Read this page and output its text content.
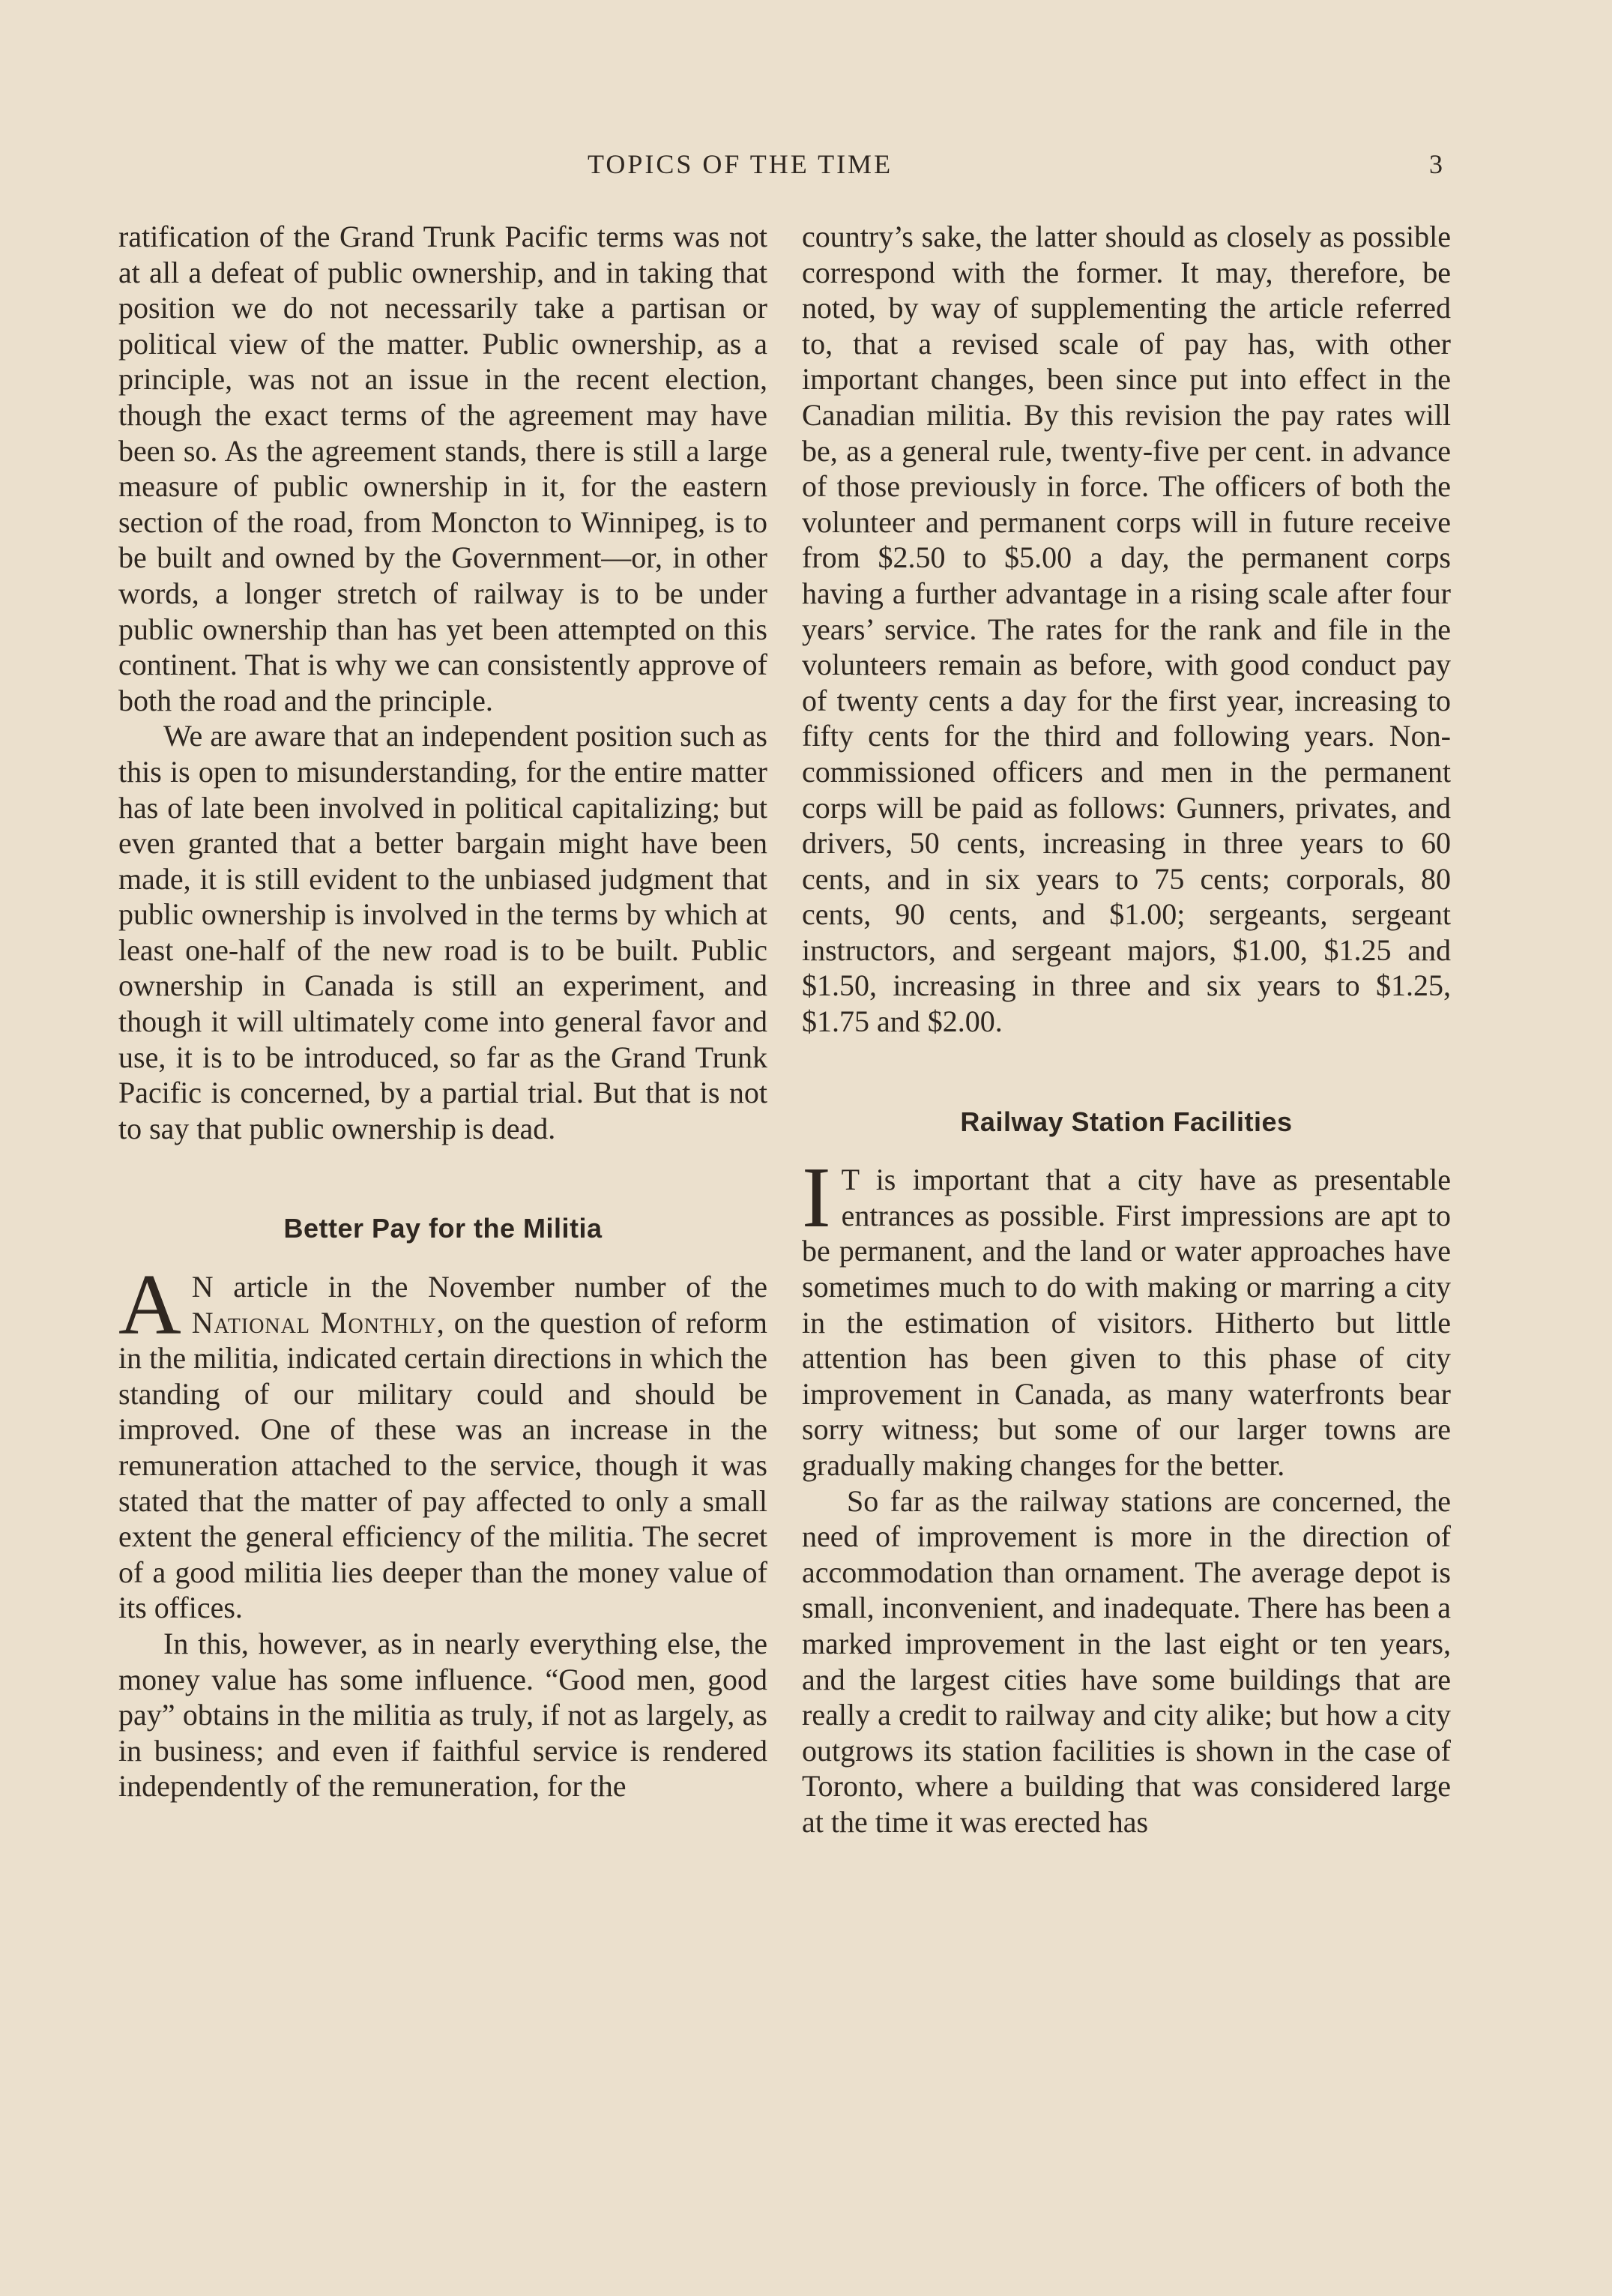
TOPICS OF THE TIME	3

ratification of the Grand Trunk Pacific terms was not at all a defeat of public ownership, and in taking that position we do not necessarily take a partisan or political view of the matter. Public ownership, as a principle, was not an issue in the recent election, though the exact terms of the agreement may have been so. As the agreement stands, there is still a large measure of public ownership in it, for the eastern section of the road, from Moncton to Winnipeg, is to be built and owned by the Government—or, in other words, a longer stretch of railway is to be under public ownership than has yet been attempted on this continent. That is why we can consistently approve of both the road and the principle.

We are aware that an independent position such as this is open to misunderstanding, for the entire matter has of late been involved in political capitalizing; but even granted that a better bargain might have been made, it is still evident to the unbiased judgment that public ownership is involved in the terms by which at least one-half of the new road is to be built. Public ownership in Canada is still an experiment, and though it will ultimately come into general favor and use, it is to be introduced, so far as the Grand Trunk Pacific is concerned, by a partial trial. But that is not to say that public ownership is dead.

Better Pay for the Militia

AN article in the November number of the National Monthly, on the question of reform in the militia, indicated certain directions in which the standing of our military could and should be improved. One of these was an increase in the remuneration attached to the service, though it was stated that the matter of pay affected to only a small extent the general efficiency of the militia. The secret of a good militia lies deeper than the money value of its offices.

In this, however, as in nearly everything else, the money value has some influence. “Good men, good pay” obtains in the militia as truly, if not as largely, as in business; and even if faithful service is rendered independently of the remuneration, for the

country’s sake, the latter should as closely as possible correspond with the former. It may, therefore, be noted, by way of supplementing the article referred to, that a revised scale of pay has, with other important changes, been since put into effect in the Canadian militia. By this revision the pay rates will be, as a general rule, twenty-five per cent. in advance of those previously in force. The officers of both the volunteer and permanent corps will in future receive from $2.50 to $5.00 a day, the permanent corps having a further advantage in a rising scale after four years’ service. The rates for the rank and file in the volunteers remain as before, with good conduct pay of twenty cents a day for the first year, increasing to fifty cents for the third and following years. Non-commissioned officers and men in the permanent corps will be paid as follows: Gunners, privates, and drivers, 50 cents, increasing in three years to 60 cents, and in six years to 75 cents; corporals, 80 cents, 90 cents, and $1.00; sergeants, sergeant instructors, and sergeant majors, $1.00, $1.25 and $1.50, increasing in three and six years to $1.25, $1.75 and $2.00.

Railway Station Facilities

IT is important that a city have as presentable entrances as possible. First impressions are apt to be permanent, and the land or water approaches have sometimes much to do with making or marring a city in the estimation of visitors. Hitherto but little attention has been given to this phase of city improvement in Canada, as many waterfronts bear sorry witness; but some of our larger towns are gradually making changes for the better.

So far as the railway stations are concerned, the need of improvement is more in the direction of accommodation than ornament. The average depot is small, inconvenient, and inadequate. There has been a marked improvement in the last eight or ten years, and the largest cities have some buildings that are really a credit to railway and city alike; but how a city outgrows its station facilities is shown in the case of Toronto, where a building that was considered large at the time it was erected has
